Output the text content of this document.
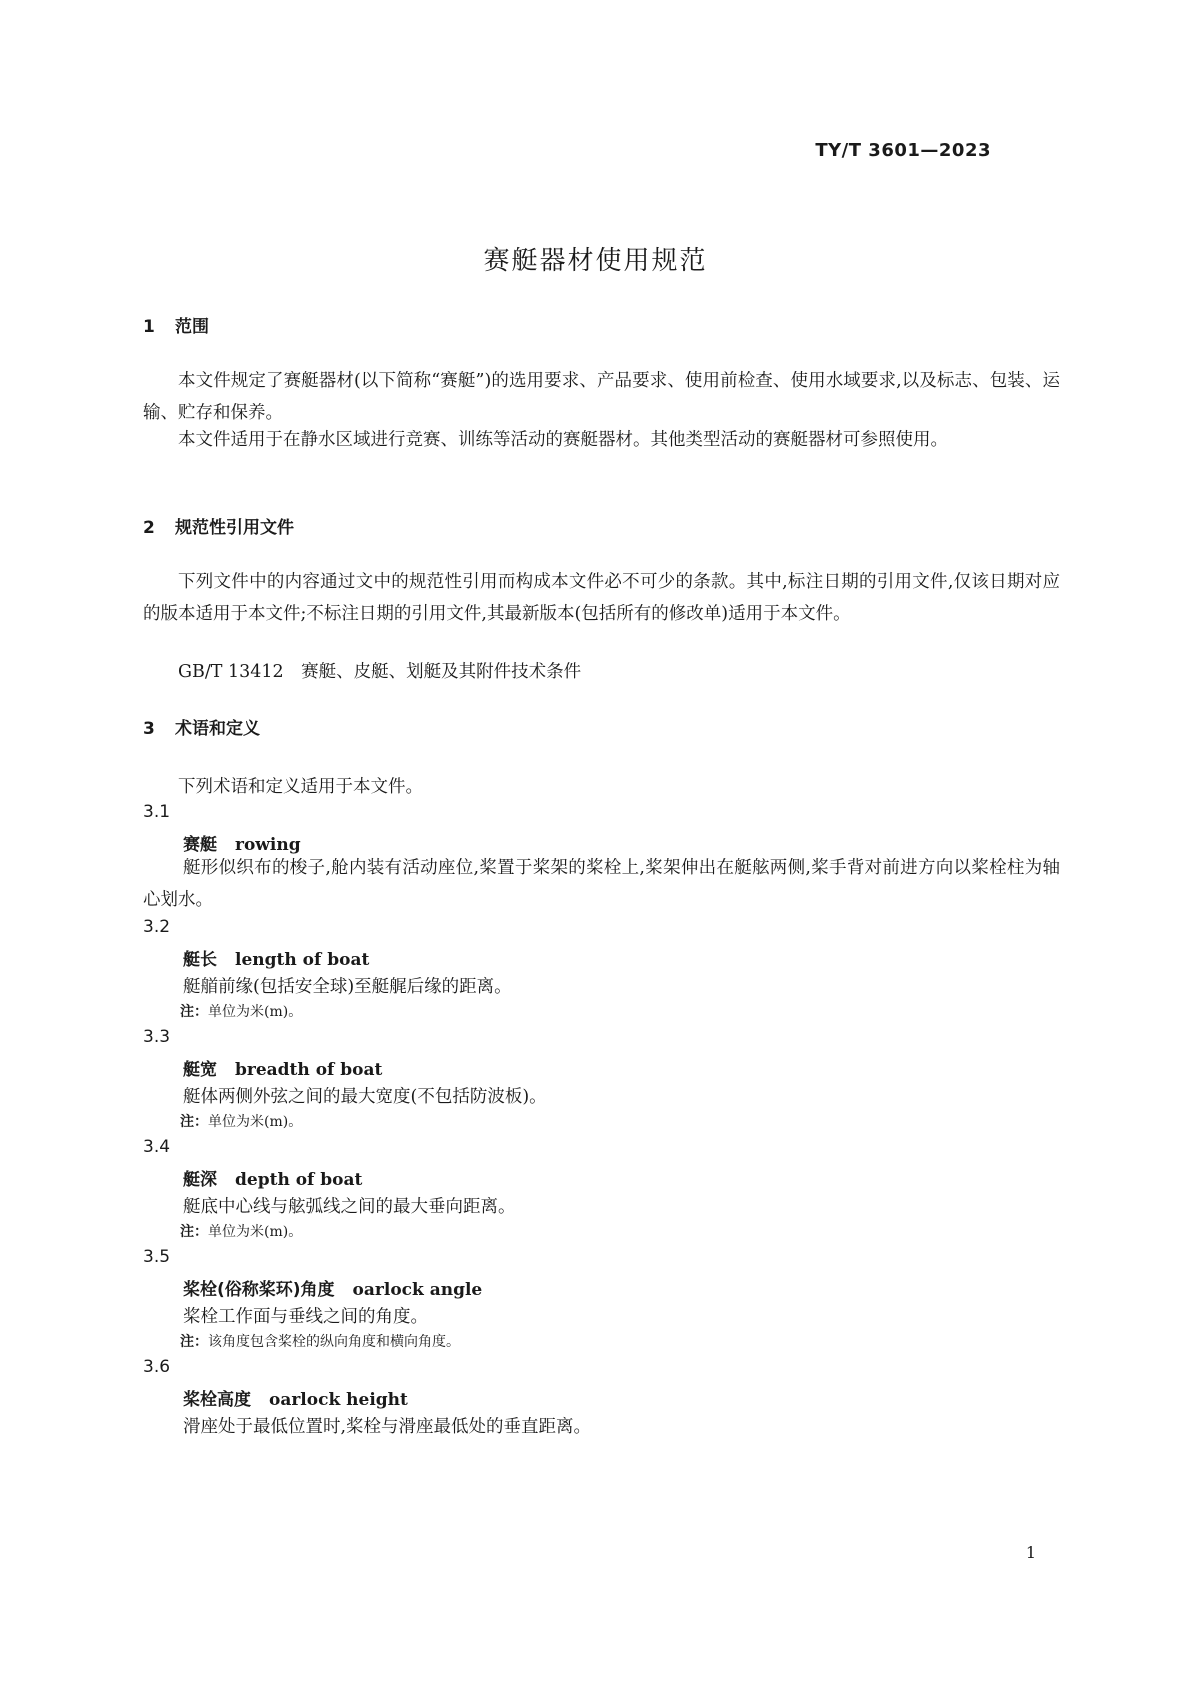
TY/T 3601—2023
赛艇器材使用规范
1 范围

本文件规定了赛艇器材(以下简称“赛艇”)的选用要求、产品要求、使用前检查、使用水域要求,以及标志、包装、运输、贮存和保养。

本文件适用于在静水区域进行竞赛、训练等活动的赛艇器材。其他类型活动的赛艇器材可参照使用。

2 规范性引用文件

下列文件中的内容通过文中的规范性引用而构成本文件必不可少的条款。其中,标注日期的引用文件,仅该日期对应的版本适用于本文件;不标注日期的引用文件,其最新版本(包括所有的修改单)适用于本文件。

GB/T 13412　赛艇、皮艇、划艇及其附件技术条件
3 术语和定义
下列术语和定义适用于本文件。
3.1
赛艇 rowing

艇形似织布的梭子,舱内装有活动座位,桨置于桨架的桨栓上,桨架伸出在艇舷两侧,桨手背对前进方向以桨栓柱为轴心划水。

3.2
艇长 length of boat
艇艏前缘(包括安全球)至艇艉后缘的距离。
注：单位为米(m)。
3.3
艇宽 breadth of boat
艇体两侧外弦之间的最大宽度(不包括防波板)。
注：单位为米(m)。
3.4
艇深 depth of boat
艇底中心线与舷弧线之间的最大垂向距离。
注：单位为米(m)。
3.5
桨栓(俗称桨环)角度 oarlock angle
桨栓工作面与垂线之间的角度。
注：该角度包含桨栓的纵向角度和横向角度。
3.6
桨栓高度 oarlock height
滑座处于最低位置时,桨栓与滑座最低处的垂直距离。
1
